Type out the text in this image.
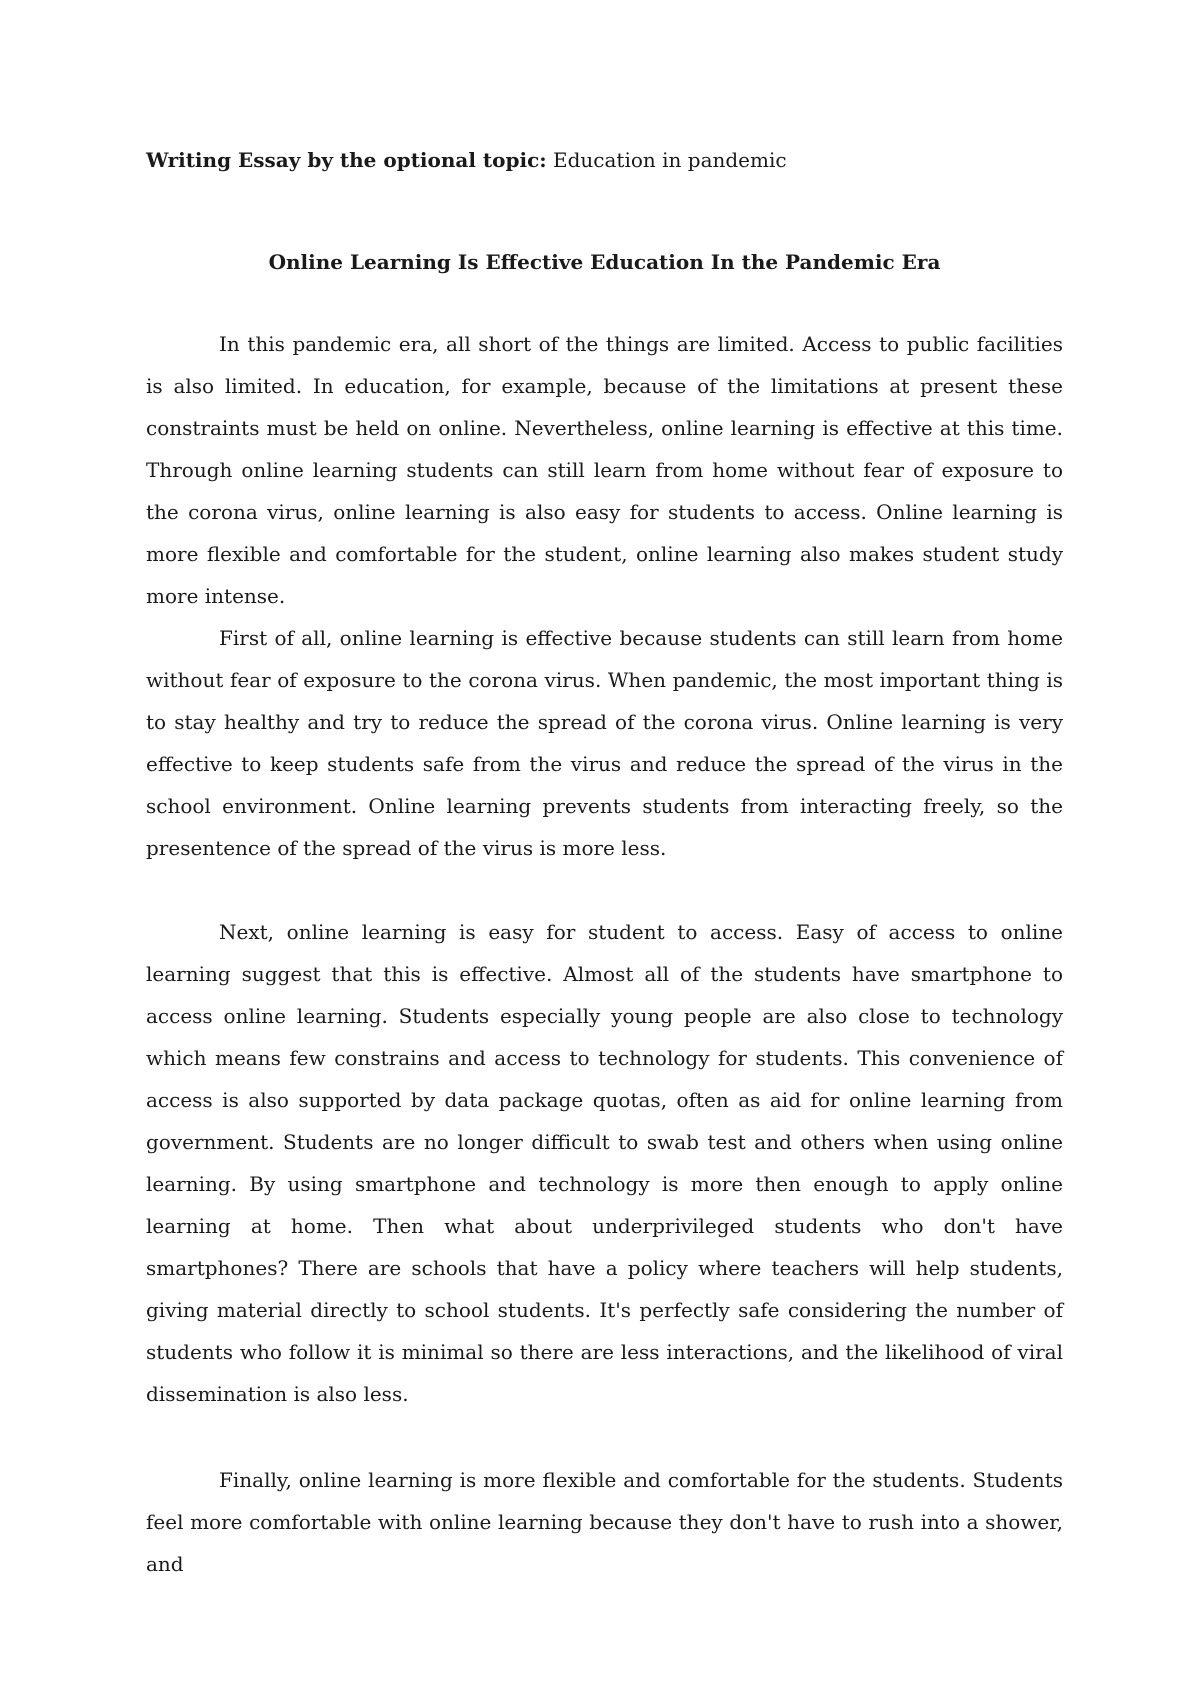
Writing Essay by the optional topic: Education in pandemic
Online Learning Is Effective Education In the Pandemic Era

In this pandemic era, all short of the things are limited. Access to public facilities is also limited. In education, for example, because of the limitations at present these constraints must be held on online. Nevertheless, online learning is effective at this time. Through online learning students can still learn from home without fear of exposure to the corona virus, online learning is also easy for students to access. Online learning is more flexible and comfortable for the student, online learning also makes student study more intense.

First of all, online learning is effective because students can still learn from home without fear of exposure to the corona virus. When pandemic, the most important thing is to stay healthy and try to reduce the spread of the corona virus. Online learning is very effective to keep students safe from the virus and reduce the spread of the virus in the school environment. Online learning prevents students from interacting freely, so the presentence of the spread of the virus is more less.

Next, online learning is easy for student to access. Easy of access to online learning suggest that this is effective. Almost all of the students have smartphone to access online learning. Students especially young people are also close to technology which means few constrains and access to technology for students. This convenience of access is also supported by data package quotas, often as aid for online learning from government. Students are no longer difficult to swab test and others when using online learning. By using smartphone and technology is more then enough to apply online learning at home. Then what about underprivileged students who don't have smartphones? There are schools that have a policy where teachers will help students, giving material directly to school students. It's perfectly safe considering the number of students who follow it is minimal so there are less interactions, and the likelihood of viral dissemination is also less.

Finally, online learning is more flexible and comfortable for the students. Students feel more comfortable with online learning because they don't have to rush into a shower, and
